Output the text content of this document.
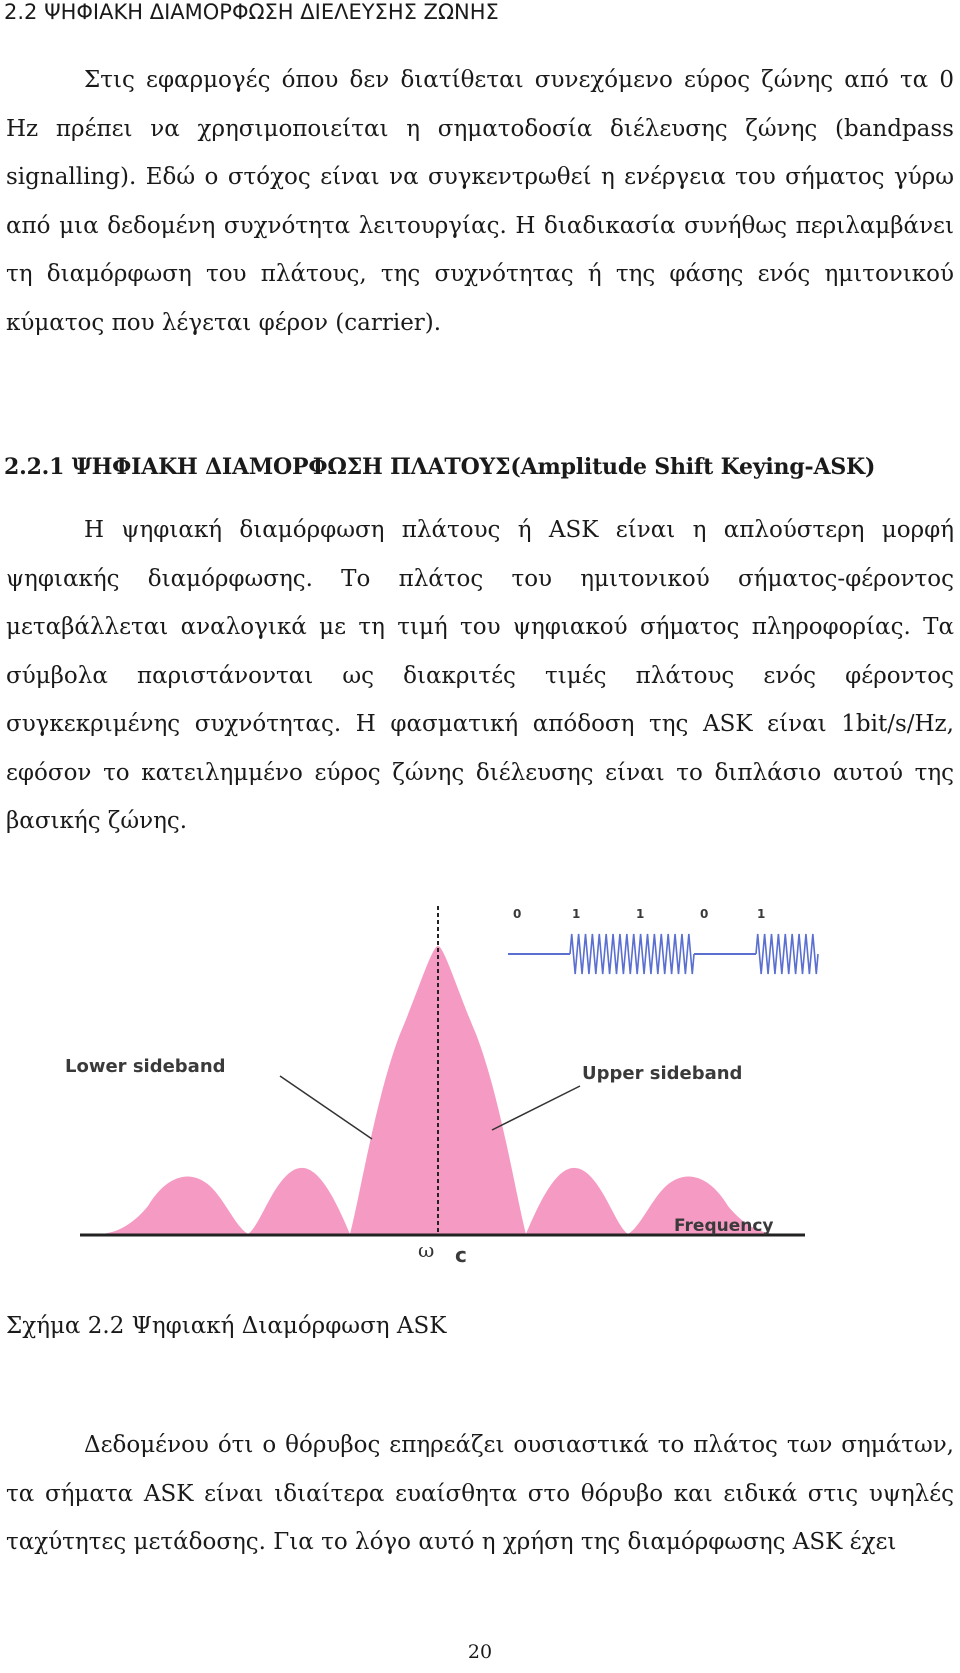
2.2 ΨΗΦΙΑΚΗ ΔΙΑΜΟΡΦΩΣΗ ΔΙΕΛΕΥΣΗΣ ΖΩΝΗΣ

Στις εφαρμογές όπου δεν διατίθεται συνεχόμενο εύρος ζώνης από τα 0 Hz πρέπει να χρησιμοποιείται η σηματοδοσία διέλευσης ζώνης (bandpass signalling). Εδώ ο στόχος είναι να συγκεντρωθεί η ενέργεια του σήματος γύρω από μια δεδομένη συχνότητα λειτουργίας. Η διαδικασία συνήθως περιλαμβάνει τη διαμόρφωση του πλάτους, της συχνότητας ή της φάσης ενός ημιτονικού κύματος που λέγεται φέρον (carrier).

2.2.1 ΨΗΦΙΑΚΗ ΔΙΑΜΟΡΦΩΣΗ ΠΛΑΤΟΥΣ(Amplitude Shift Keying-ASK)

Η ψηφιακή διαμόρφωση πλάτους ή ASK είναι η απλούστερη μορφή ψηφιακής διαμόρφωσης. Το πλάτος του ημιτονικού σήματος-φέροντος μεταβάλλεται αναλογικά με τη τιμή του ψηφιακού σήματος πληροφορίας. Τα σύμβολα παριστάνονται ως διακριτές τιμές πλάτους ενός φέροντος συγκεκριμένης συχνότητας. Η φασματική απόδοση της ASK είναι 1bit/s/Hz, εφόσον το κατειλημμένο εύρος ζώνης διέλευσης είναι το διπλάσιο αυτού της βασικής ζώνης.

Lower sideband	Upper sideband
ω c
Frequency
0	1	1	0	1
Σχήμα 2.2 Ψηφιακή Διαμόρφωση ASK

Δεδομένου ότι ο θόρυβος επηρεάζει ουσιαστικά το πλάτος των σημάτων, τα σήματα ASK είναι ιδιαίτερα ευαίσθητα στο θόρυβο και ειδικά στις υψηλές ταχύτητες μετάδοσης. Για το λόγο αυτό η χρήση της διαμόρφωσης ASK έχει

20
